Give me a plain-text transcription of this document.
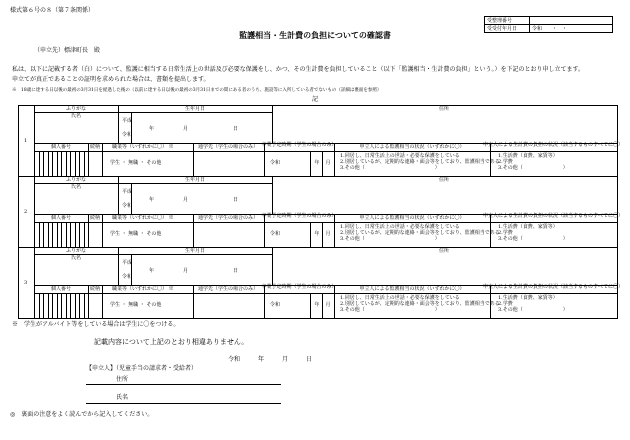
様式第６号の８（第７条関係）
受整理番号	
受受付年月日	令和　　・　・
監護相当・生計費の負担についての確認書
（申立先）標津町長　殿
私は、以下に記載する者（白）について、監護に相当する日常生活上の世話及び必要な保護をし、かつ、その生計費を負担していること（以下「監護相当・生計費の負担」という。）を下記のとおり申し立てます。
申立てが真正であることの証明を求められた場合は、書類を提出します。
※　18歳に達する日以後の最初の3月31日を経過した後の（以前に達する日以後の最初の3月31日までの間にある者のうち、施設等に入所している者でないもの（詳細は裏面を参照）
記
1
ふりがな
氏名
生年月日
平成
令和
年	月	日
住所
個人番号	続柄 職業等（いずれかに〇） ※
学生 ・ 無職 ・ その他
通学先（学生の場合のみ） 卒業予定時期（学生の場合のみ）
令和	年 月
申立人による監護相当の状況（いずれかに〇）
1.同居し、日常生活上の世話・必要な保護をしている
2.別居しているが、定期的な連絡・面会等をしており、監護相当である
3.その他（　　　　　　　　　　　　　　）
申立人による生計費の負担の状況（該当するものすべてに〇）
1.生活費（食費、家賃等）
2.学費
3.その他（　　　　　　　　）
2
ふりがな
氏名
生年月日
平成
令和
年	月	日
住所
個人番号	続柄 職業等（いずれかに〇） ※
学生 ・ 無職 ・ その他
通学先（学生の場合のみ） 卒業予定時期（学生の場合のみ）
令和	年 月
申立人による監護相当の状況（いずれかに〇）
1.同居し、日常生活上の世話・必要な保護をしている
2.別居しているが、定期的な連絡・面会等をしており、監護相当である
3.その他（　　　　　　　　　　　　　　）
申立人による生計費の負担の状況（該当するものすべてに〇）
1.生活費（食費、家賃等）
2.学費
3.その他（　　　　　　　　）
3
ふりがな
氏名
生年月日
平成
令和
年	月	日
住所
個人番号	続柄 職業等（いずれかに〇） ※
学生 ・ 無職 ・ その他
通学先（学生の場合のみ） 卒業予定時期（学生の場合のみ）
令和	年 月
申立人による監護相当の状況（いずれかに〇）
1.同居し、日常生活上の世話・必要な保護をしている
2.別居しているが、定期的な連絡・面会等をしており、監護相当である
3.その他（　　　　　　　　　　　　　　）
申立人による生計費の負担の状況（該当するものすべてに〇）
1.生活費（食費、家賃等）
2.学費
3.その他（　　　　　　　　）
※　学生がアルバイト等をしている場合は学生に〇をつける。
記載内容について上記のとおり相違ありません。
令和　　　年　　　月　　　日
【申立人】（児童手当の請求者・受給者）
住所
氏名
◎　裏面の注意をよく読んでから記入してください。
